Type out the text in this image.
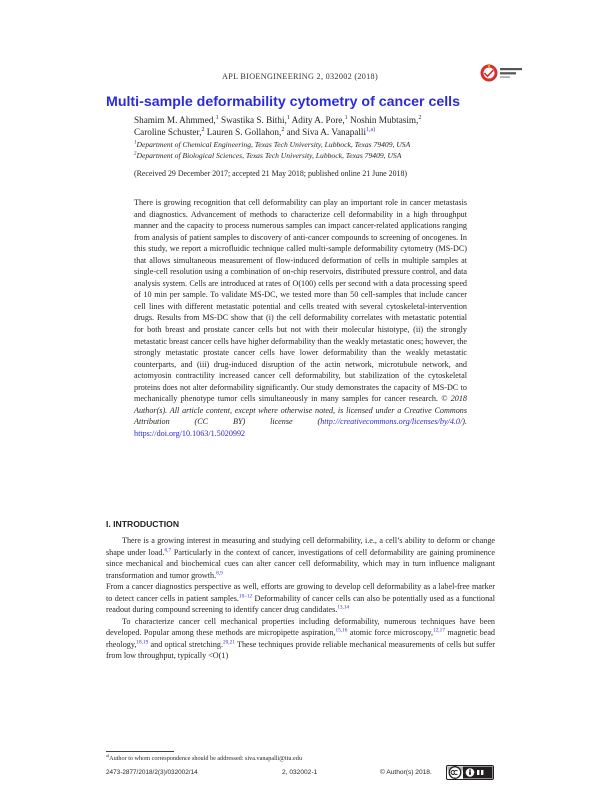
APL BIOENGINEERING 2, 032002 (2018)
Multi-sample deformability cytometry of cancer cells
Shamim M. Ahmmed,$^1$ Swastika S. Bithi,$^1$ Adity A. Pore,$^1$ Noshin Mubtasim,$^2$
Caroline Schuster,$^2$ Lauren S. Gollahon,$^2$ and Siva A. Vanapalli$^{1,a)}$
$^1$Department of Chemical Engineering, Texas Tech University, Lubbock, Texas 79409, USA
$^2$Department of Biological Sciences, Texas Tech University, Lubbock, Texas 79409, USA
(Received 29 December 2017; accepted 21 May 2018; published online 21 June 2018)
There is growing recognition that cell deformability can play an important role in cancer metastasis and diagnostics. Advancement of methods to characterize cell deformability in a high throughput manner and the capacity to process numerous samples can impact cancer-related applications ranging from analysis of patient samples to discovery of anti-cancer compounds to screening of oncogenes. In this study, we report a microfluidic technique called multi-sample deformability cytometry (MS-DC) that allows simultaneous measurement of flow-induced deformation of cells in multiple samples at single-cell resolution using a combination of on-chip reservoirs, distributed pressure control, and data analysis system. Cells are introduced at rates of O(100) cells per second with a data processing speed of 10 min per sample. To validate MS-DC, we tested more than 50 cell-samples that include cancer cell lines with different metastatic potential and cells treated with several cytoskeletal-intervention drugs. Results from MS-DC show that (i) the cell deformability correlates with metastatic potential for both breast and prostate cancer cells but not with their molecular histotype, (ii) the strongly metastatic breast cancer cells have higher deformability than the weakly metastatic ones; however, the strongly metastatic prostate cancer cells have lower deformability than the weakly metastatic counterparts, and (iii) drug-induced disruption of the actin network, microtubule network, and actomyosin contractility increased cancer cell deformability, but stabilization of the cytoskeletal proteins does not alter deformability significantly. Our study demonstrates the capacity of MS-DC to mechanically phenotype tumor cells simultaneously in many samples for cancer research. © 2018 Author(s). All article content, except where otherwise noted, is licensed under a Creative Commons Attribution (CC BY) license (http://creativecommons.org/licenses/by/4.0/). https://doi.org/10.1063/1.5020992
I. INTRODUCTION

There is a growing interest in measuring and studying cell deformability, i.e., a cell’s ability to deform or change shape under load.$^{6,7}$ Particularly in the context of cancer, investigations of cell deformability are gaining prominence since mechanical and biochemical cues can alter cancer cell deformability, which may in turn influence malignant transformation and tumor growth.$^{8,9}$

From a cancer diagnostics perspective as well, efforts are growing to develop cell deformability as a label-free marker to detect cancer cells in patient samples.$^{10-12}$ Deformability of cancer cells can also be potentially used as a functional readout during compound screening to identify cancer drug candidates.$^{13,14}$

To characterize cancer cell mechanical properties including deformability, numerous techniques have been developed. Popular among these methods are micropipette aspiration,$^{15,16}$ atomic force microscopy,$^{12,17}$ magnetic bead rheology,$^{18,19}$ and optical stretching.$^{20,21}$ These techniques provide reliable mechanical measurements of cells but suffer from low throughput, typically <O(1)

$^{a)}$Author to whom correspondence should be addressed: siva.vanapalli@ttu.edu
2473-2877/2018/2(3)/032002/14	2, 032002-1	© Author(s) 2018.
